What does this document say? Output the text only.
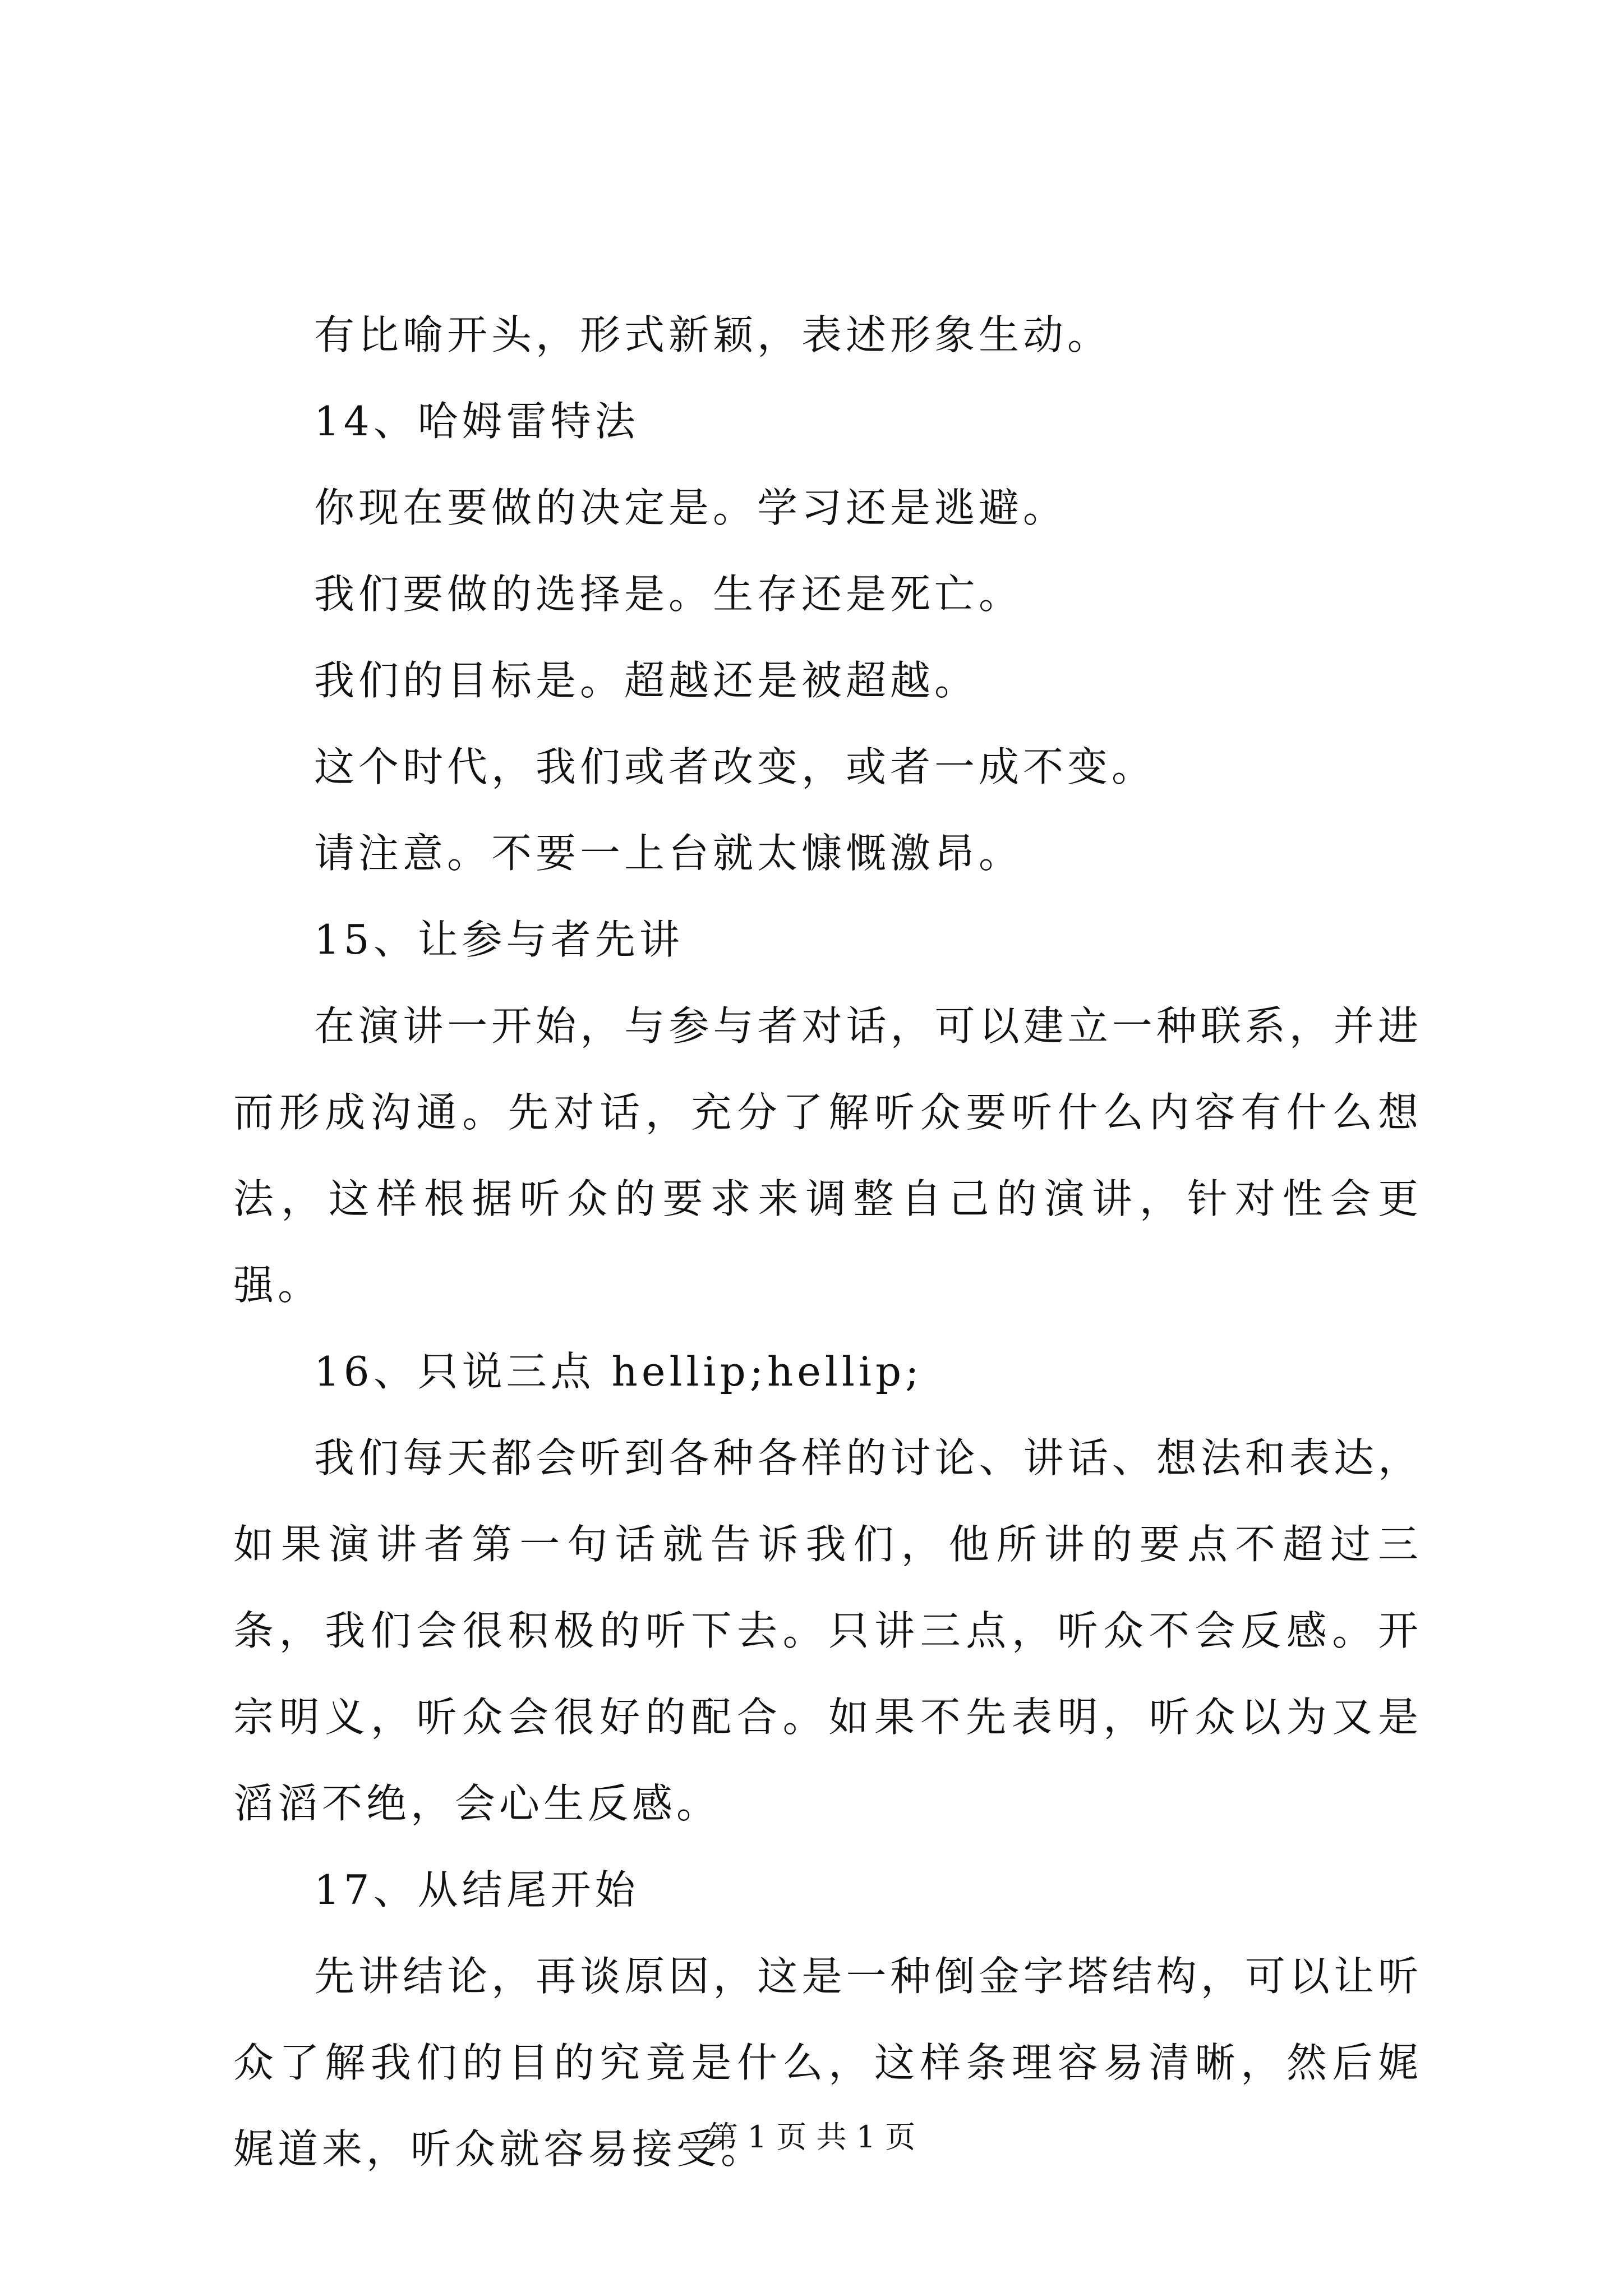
有比喻开头，形式新颖，表述形象生动。

14、哈姆雷特法

你现在要做的决定是。学习还是逃避。

我们要做的选择是。生存还是死亡。

我们的目标是。超越还是被超越。

这个时代，我们或者改变，或者一成不变。

请注意。不要一上台就太慷慨激昂。

15、让参与者先讲

在演讲一开始，与参与者对话，可以建立一种联系，并进而形成沟通。先对话，充分了解听众要听什么内容有什么想法，这样根据听众的要求来调整自己的演讲，针对性会更强。

16、只说三点 hellip;hellip;

我们每天都会听到各种各样的讨论、讲话、想法和表达，如果演讲者第一句话就告诉我们，他所讲的要点不超过三条，我们会很积极的听下去。只讲三点，听众不会反感。开宗明义，听众会很好的配合。如果不先表明，听众以为又是滔滔不绝，会心生反感。

17、从结尾开始

先讲结论，再谈原因，这是一种倒金字塔结构，可以让听众了解我们的目的究竟是什么，这样条理容易清晰，然后娓娓道来，听众就容易接受。

第 1 页 共 1 页
